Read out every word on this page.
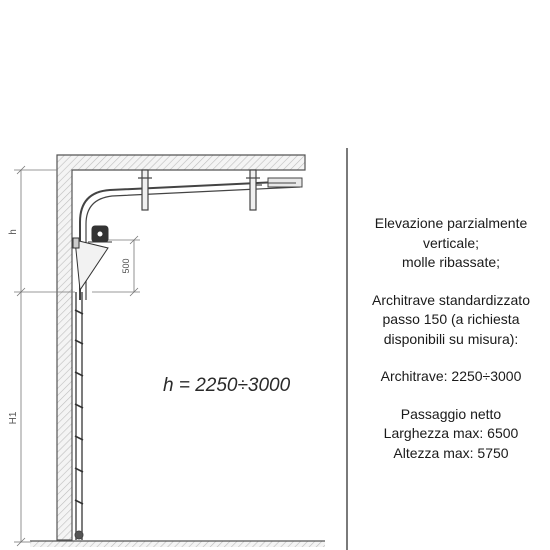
h
H1
500
h = 2250÷3000
Elevazione parzialmente
verticale;
molle ribassate;
Architrave standardizzato
passo 150 (a richiesta
disponibili su misura):
Architrave: 2250÷3000
Passaggio netto
Larghezza max: 6500
Altezza max: 5750
